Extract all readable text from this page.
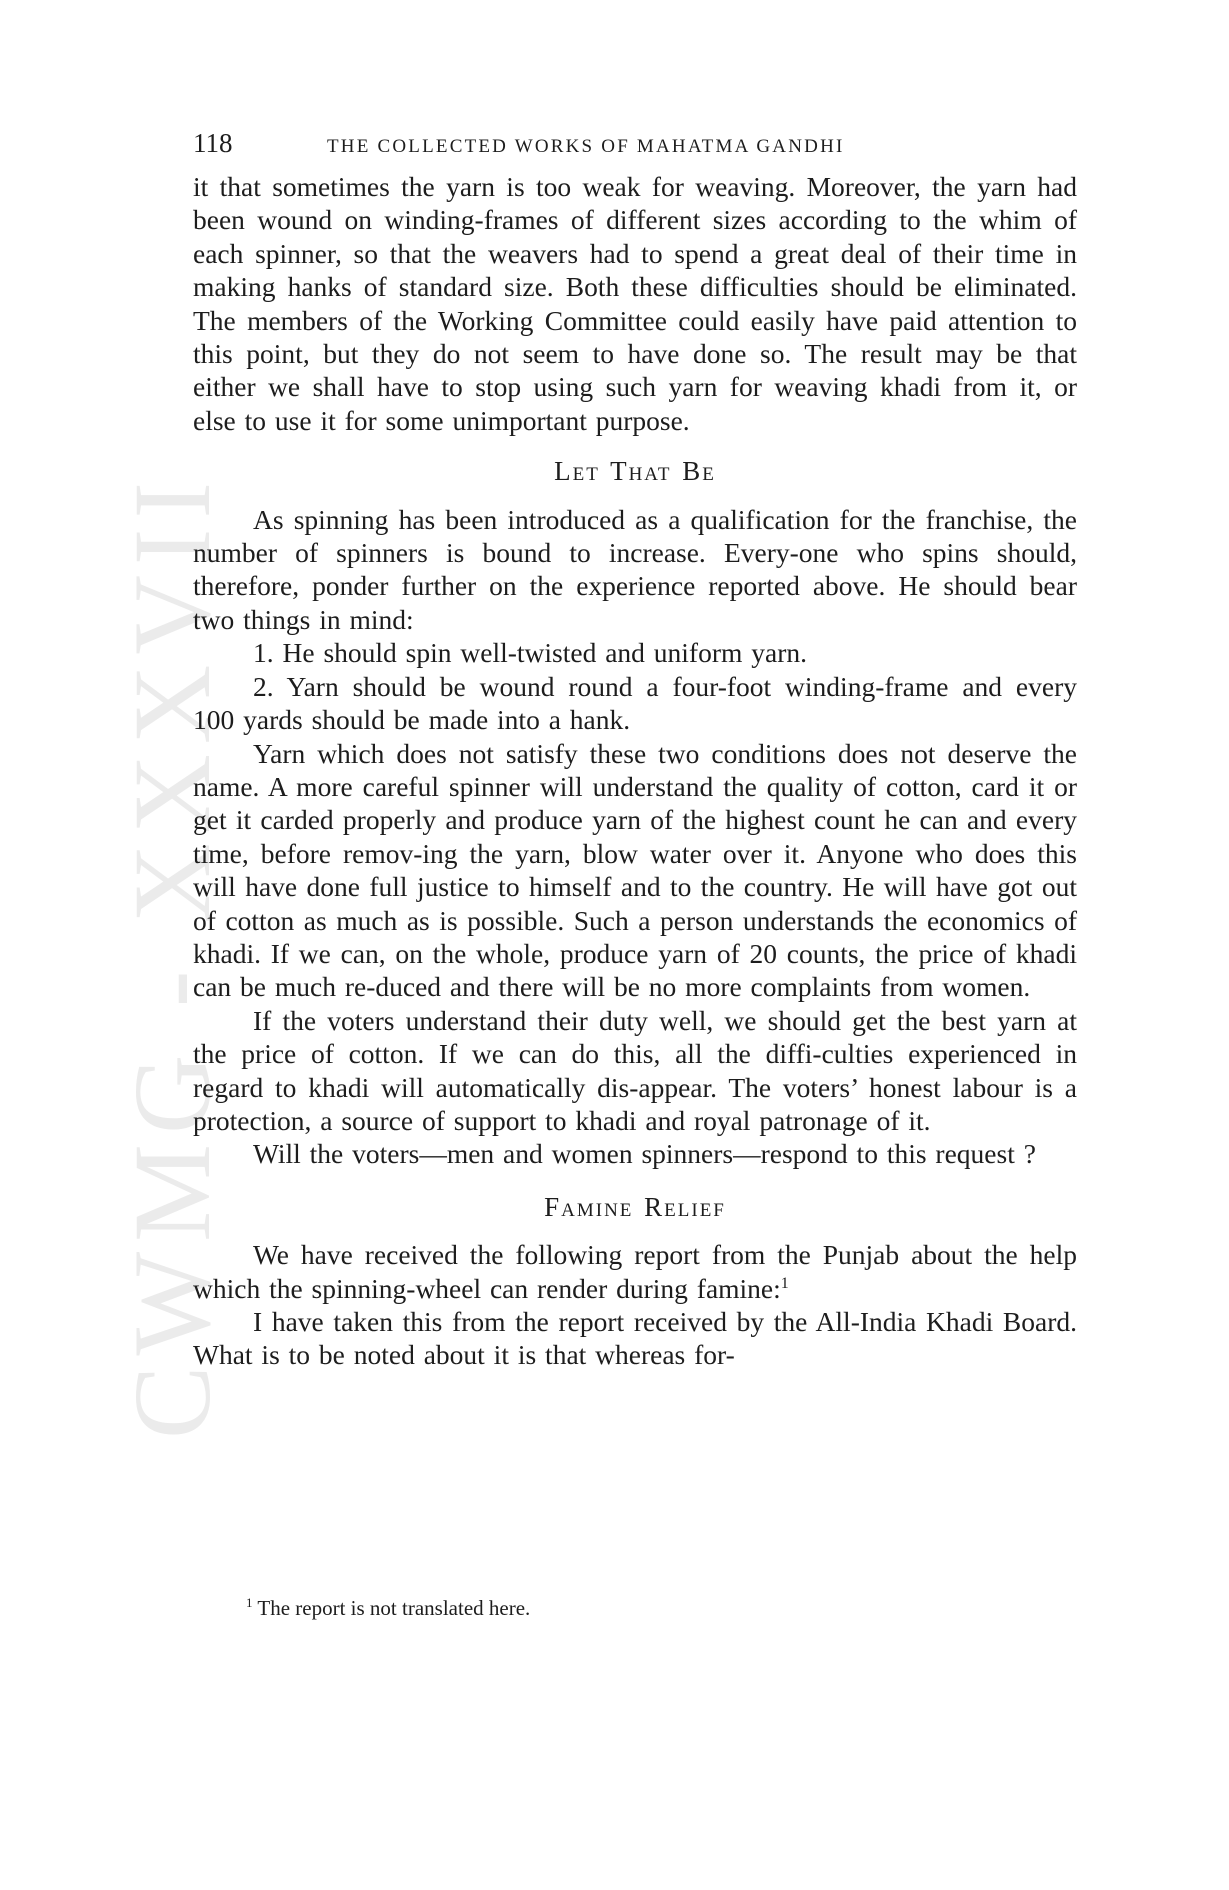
CWMG - XXXVII
118	THE COLLECTED WORKS OF MAHATMA GANDHI

it that sometimes the yarn is too weak for weaving. Moreover, the yarn had been wound on winding-frames of different sizes according to the whim of each spinner, so that the weavers had to spend a great deal of their time in making hanks of standard size. Both these difficulties should be eliminated. The members of the Working Committee could easily have paid attention to this point, but they do not seem to have done so. The result may be that either we shall have to stop using such yarn for weaving khadi from it, or else to use it for some unimportant purpose.

Let That Be

As spinning has been introduced as a qualification for the franchise, the number of spinners is bound to increase. Every-one who spins should, therefore, ponder further on the experience reported above. He should bear two things in mind:

1. He should spin well-twisted and uniform yarn.

2. Yarn should be wound round a four-foot winding-frame and every 100 yards should be made into a hank.

Yarn which does not satisfy these two conditions does not deserve the name. A more careful spinner will understand the quality of cotton, card it or get it carded properly and produce yarn of the highest count he can and every time, before remov-ing the yarn, blow water over it. Anyone who does this will have done full justice to himself and to the country. He will have got out of cotton as much as is possible. Such a person understands the economics of khadi. If we can, on the whole, produce yarn of 20 counts, the price of khadi can be much re-duced and there will be no more complaints from women.

If the voters understand their duty well, we should get the best yarn at the price of cotton. If we can do this, all the diffi-culties experienced in regard to khadi will automatically dis-appear. The voters’ honest labour is a protection, a source of support to khadi and royal patronage of it.

Will the voters—men and women spinners—respond to this request ?

Famine Relief

We have received the following report from the Punjab about the help which the spinning-wheel can render during famine:$^1$

I have taken this from the report received by the All-India Khadi Board. What is to be noted about it is that whereas for-

$^1$ The report is not translated here.
